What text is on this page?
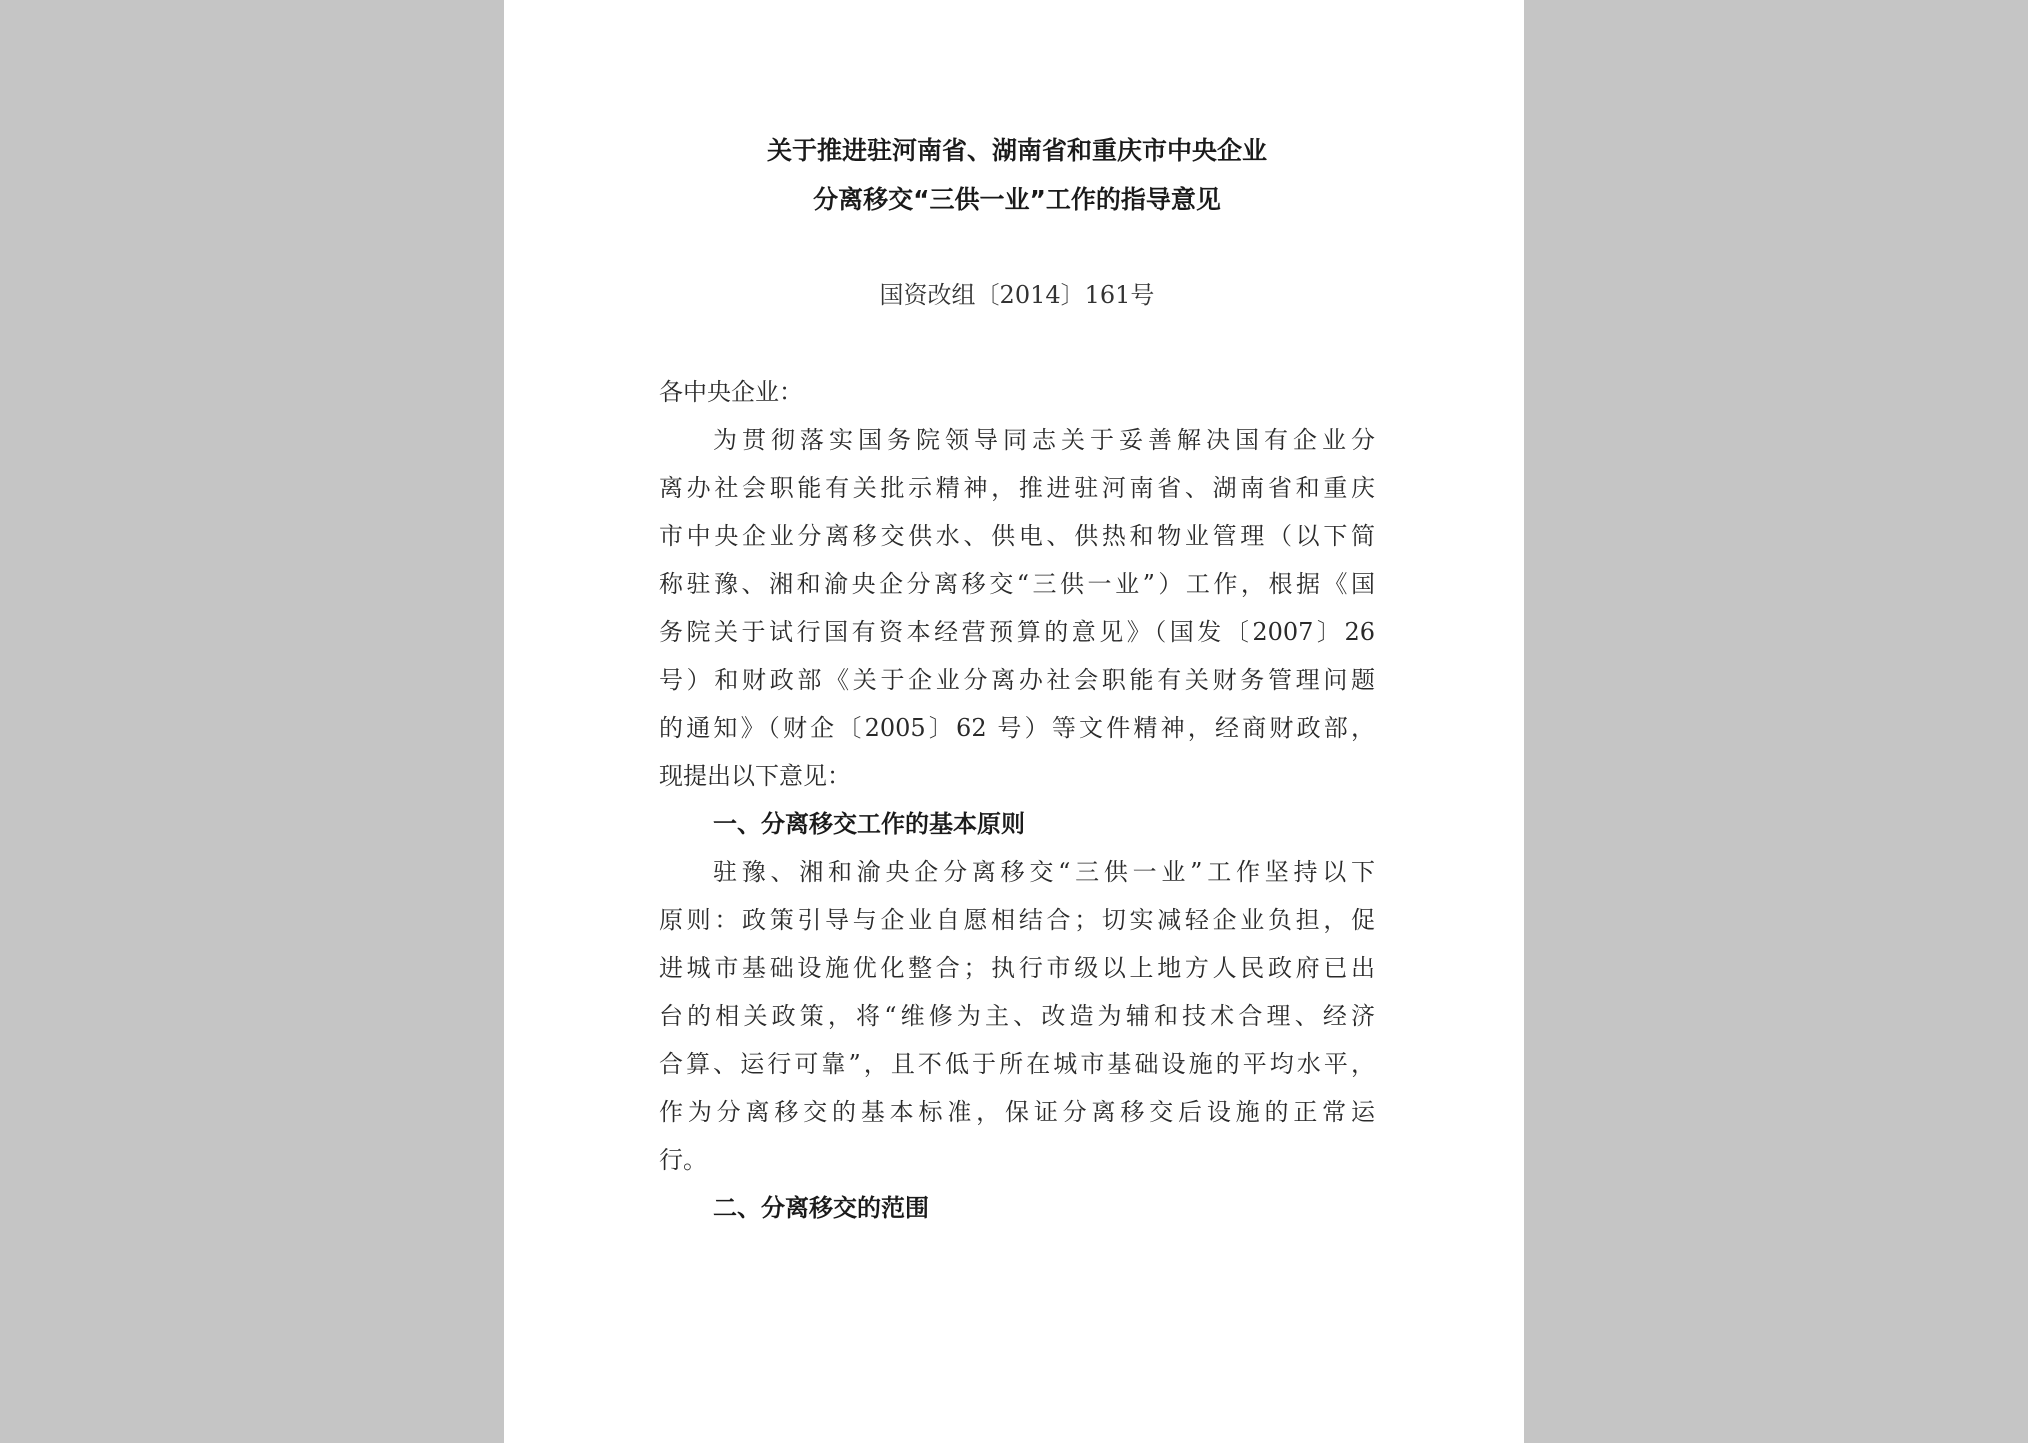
关于推进驻河南省、湖南省和重庆市中央企业
分离移交“三供一业”工作的指导意见
国资改组〔2014〕161号
各中央企业：
为贯彻落实国务院领导同志关于妥善解决国有企业分
离办社会职能有关批示精神，推进驻河南省、湖南省和重庆
市中央企业分离移交供水、供电、供热和物业管理（以下简
称驻豫、湘和渝央企分离移交“三供一业”）工作，根据《国
务院关于试行国有资本经营预算的意见》（国发〔2007〕26
号）和财政部《关于企业分离办社会职能有关财务管理问题
的通知》（财企〔2005〕62 号）等文件精神，经商财政部，
现提出以下意见：
一、分离移交工作的基本原则
驻豫、湘和渝央企分离移交“三供一业”工作坚持以下
原则：政策引导与企业自愿相结合；切实减轻企业负担，促
进城市基础设施优化整合；执行市级以上地方人民政府已出
台的相关政策，将“维修为主、改造为辅和技术合理、经济
合算、运行可靠”，且不低于所在城市基础设施的平均水平，
作为分离移交的基本标准，保证分离移交后设施的正常运
行。
二、分离移交的范围
